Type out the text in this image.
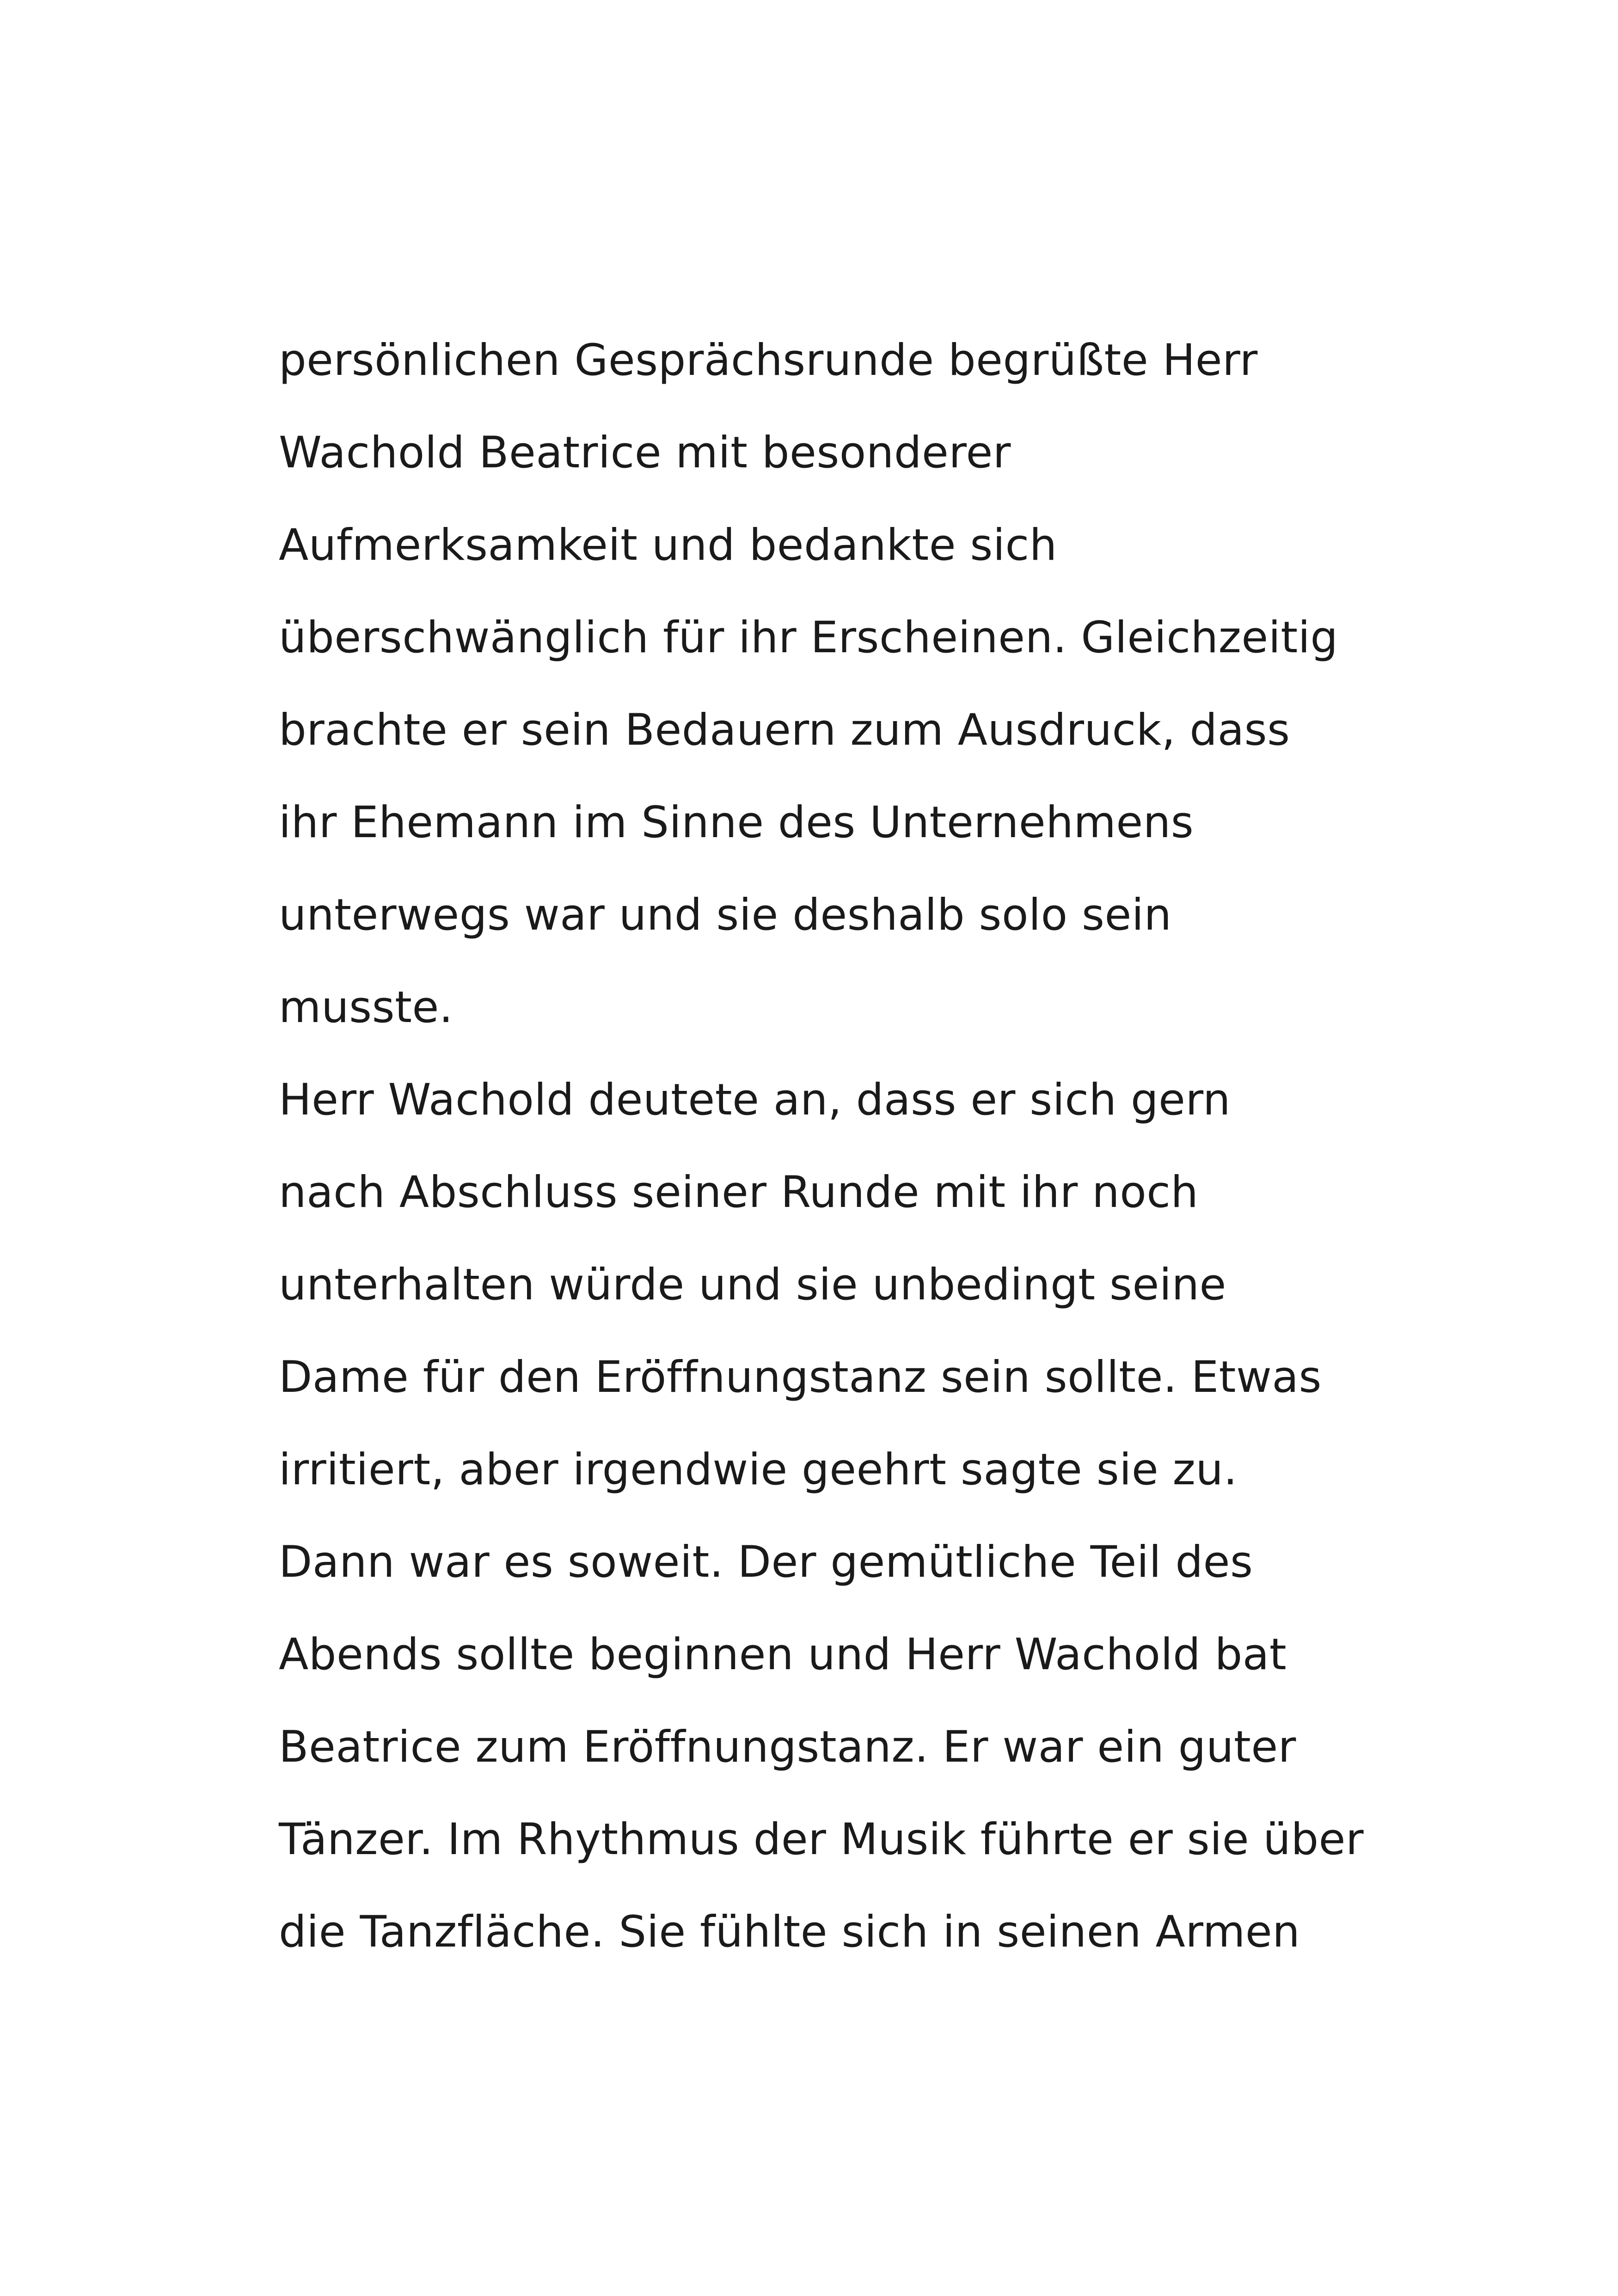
persönlichen Gesprächsrunde begrüßte Herr
Wachold Beatrice mit besonderer
Aufmerksamkeit und bedankte sich
überschwänglich für ihr Erscheinen. Gleichzeitig
brachte er sein Bedauern zum Ausdruck, dass
ihr Ehemann im Sinne des Unternehmens
unterwegs war und sie deshalb solo sein
musste.
Herr Wachold deutete an, dass er sich gern
nach Abschluss seiner Runde mit ihr noch
unterhalten würde und sie unbedingt seine
Dame für den Eröffnungstanz sein sollte. Etwas
irritiert, aber irgendwie geehrt sagte sie zu.
Dann war es soweit. Der gemütliche Teil des
Abends sollte beginnen und Herr Wachold bat
Beatrice zum Eröffnungstanz. Er war ein guter
Tänzer. Im Rhythmus der Musik führte er sie über
die Tanzfläche. Sie fühlte sich in seinen Armen
